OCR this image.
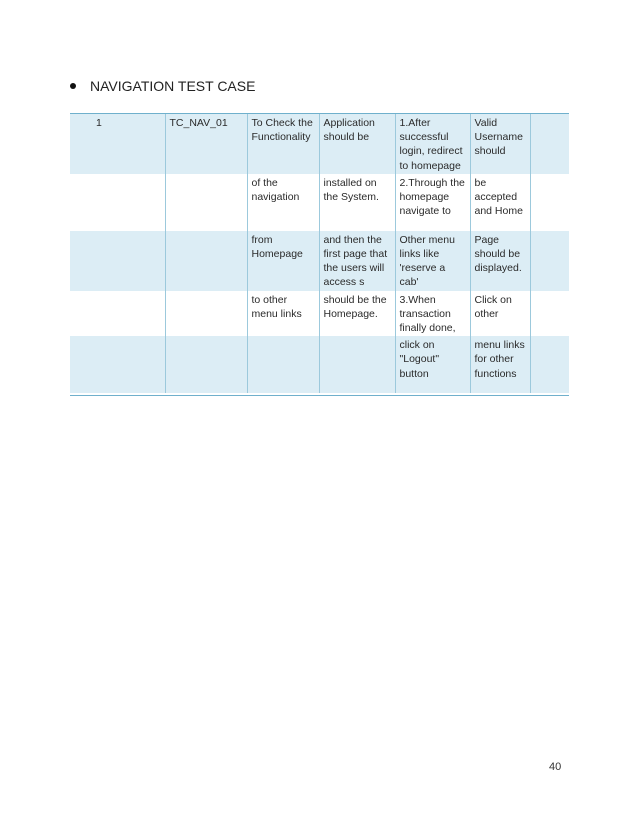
NAVIGATION TEST CASE
1	TC_NAV_01	To Check the Functionality	Application should be	1.After successful login, redirect to homepage	Valid Username should	
		of the navigation	installed on the System.	2.Through the homepage navigate to	be accepted and Home	
		from Homepage	and then the first page that the users will access s	Other menu links like 'reserve a cab'	Page should be displayed.	
		to other menu links	should be the Homepage.	3.When transaction finally done,	Click on other	
				click on "Logout" button	menu links for other functions	
40
